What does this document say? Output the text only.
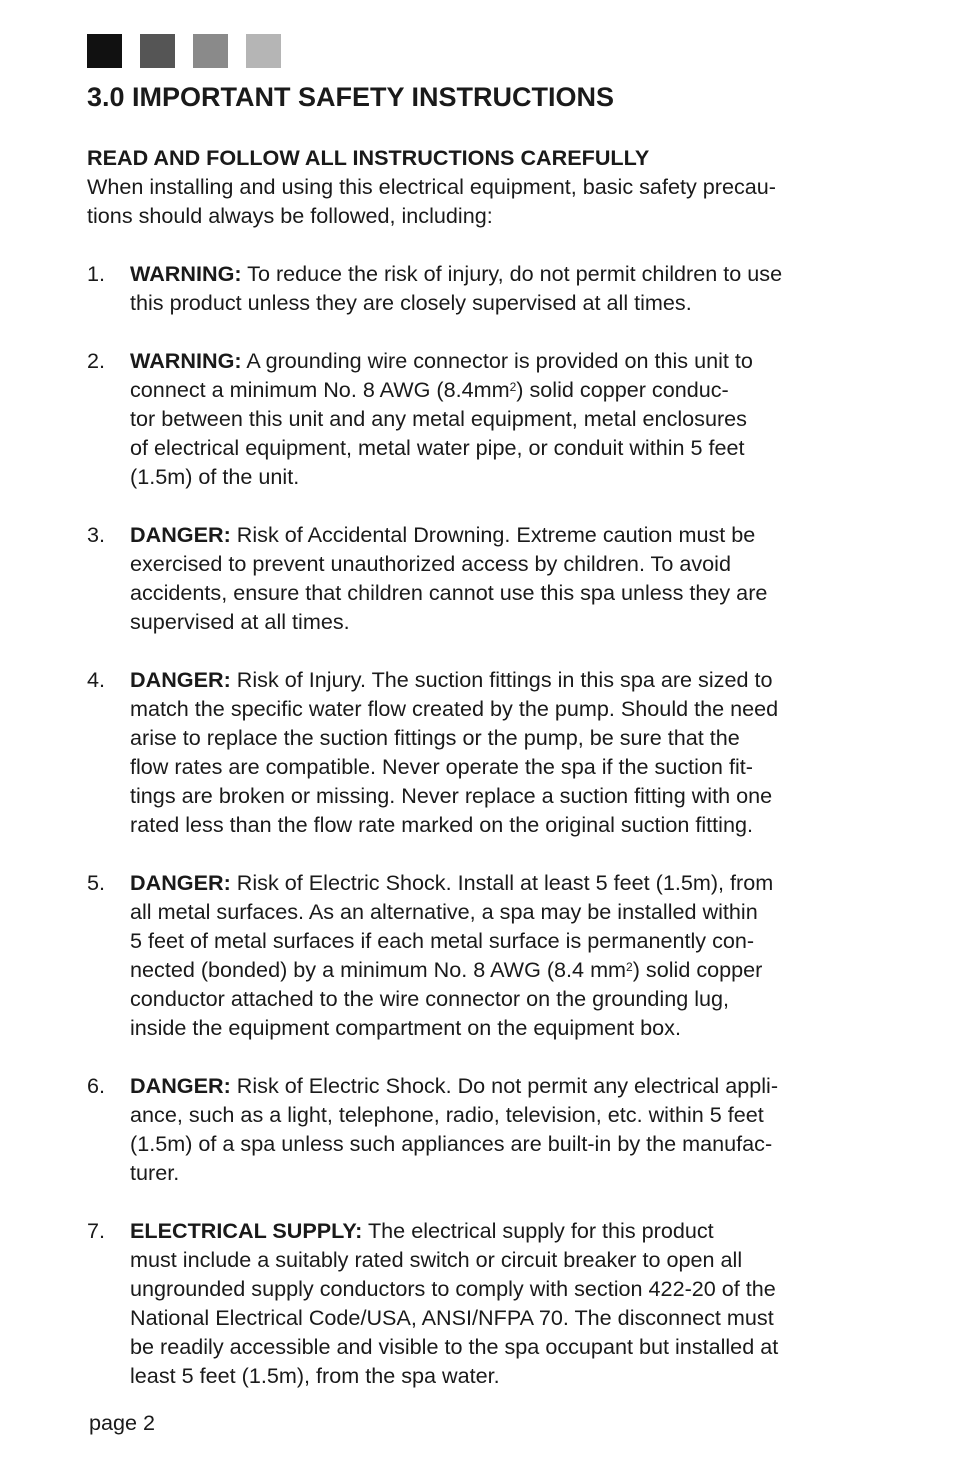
3.0 IMPORTANT SAFETY INSTRUCTIONS

READ AND FOLLOW ALL INSTRUCTIONS CAREFULLY

When installing and using this electrical equipment, basic safety precau-
tions should always be followed, including:

1.	WARNING: To reduce the risk of injury, do not permit children to use
this product unless they are closely supervised at all times.
2.	WARNING: A grounding wire connector is provided on this unit to
connect a minimum No. 8 AWG $(8.4mm^2)$ solid copper conduc-
tor between this unit and any metal equipment, metal enclosures
of electrical equipment, metal water pipe, or conduit within 5 feet
(1.5m) of the unit.
3.	DANGER: Risk of Accidental Drowning. Extreme caution must be
exercised to prevent unauthorized access by children. To avoid
accidents, ensure that children cannot use this spa unless they are
supervised at all times.
4.	DANGER: Risk of Injury. The suction fittings in this spa are sized to
match the specific water flow created by the pump. Should the need
arise to replace the suction fittings or the pump, be sure that the
flow rates are compatible. Never operate the spa if the suction fit-
tings are broken or missing. Never replace a suction fitting with one
rated less than the flow rate marked on the original suction fitting.
5.	DANGER: Risk of Electric Shock. Install at least 5 feet (1.5m), from
all metal surfaces. As an alternative, a spa may be installed within
5 feet of metal surfaces if each metal surface is permanently con-
nected (bonded) by a minimum No. 8 AWG (8.4 $mm^2$) solid copper
conductor attached to the wire connector on the grounding lug,
inside the equipment compartment on the equipment box.
6.	DANGER: Risk of Electric Shock. Do not permit any electrical appli-
ance, such as a light, telephone, radio, television, etc. within 5 feet
(1.5m) of a spa unless such appliances are built-in by the manufac-
turer.
7.	ELECTRICAL SUPPLY: The electrical supply for this product
must include a suitably rated switch or circuit breaker to open all
ungrounded supply conductors to comply with section 422-20 of the
National Electrical Code/USA, ANSI/NFPA 70. The disconnect must
be readily accessible and visible to the spa occupant but installed at
least 5 feet (1.5m), from the spa water.

page 2
